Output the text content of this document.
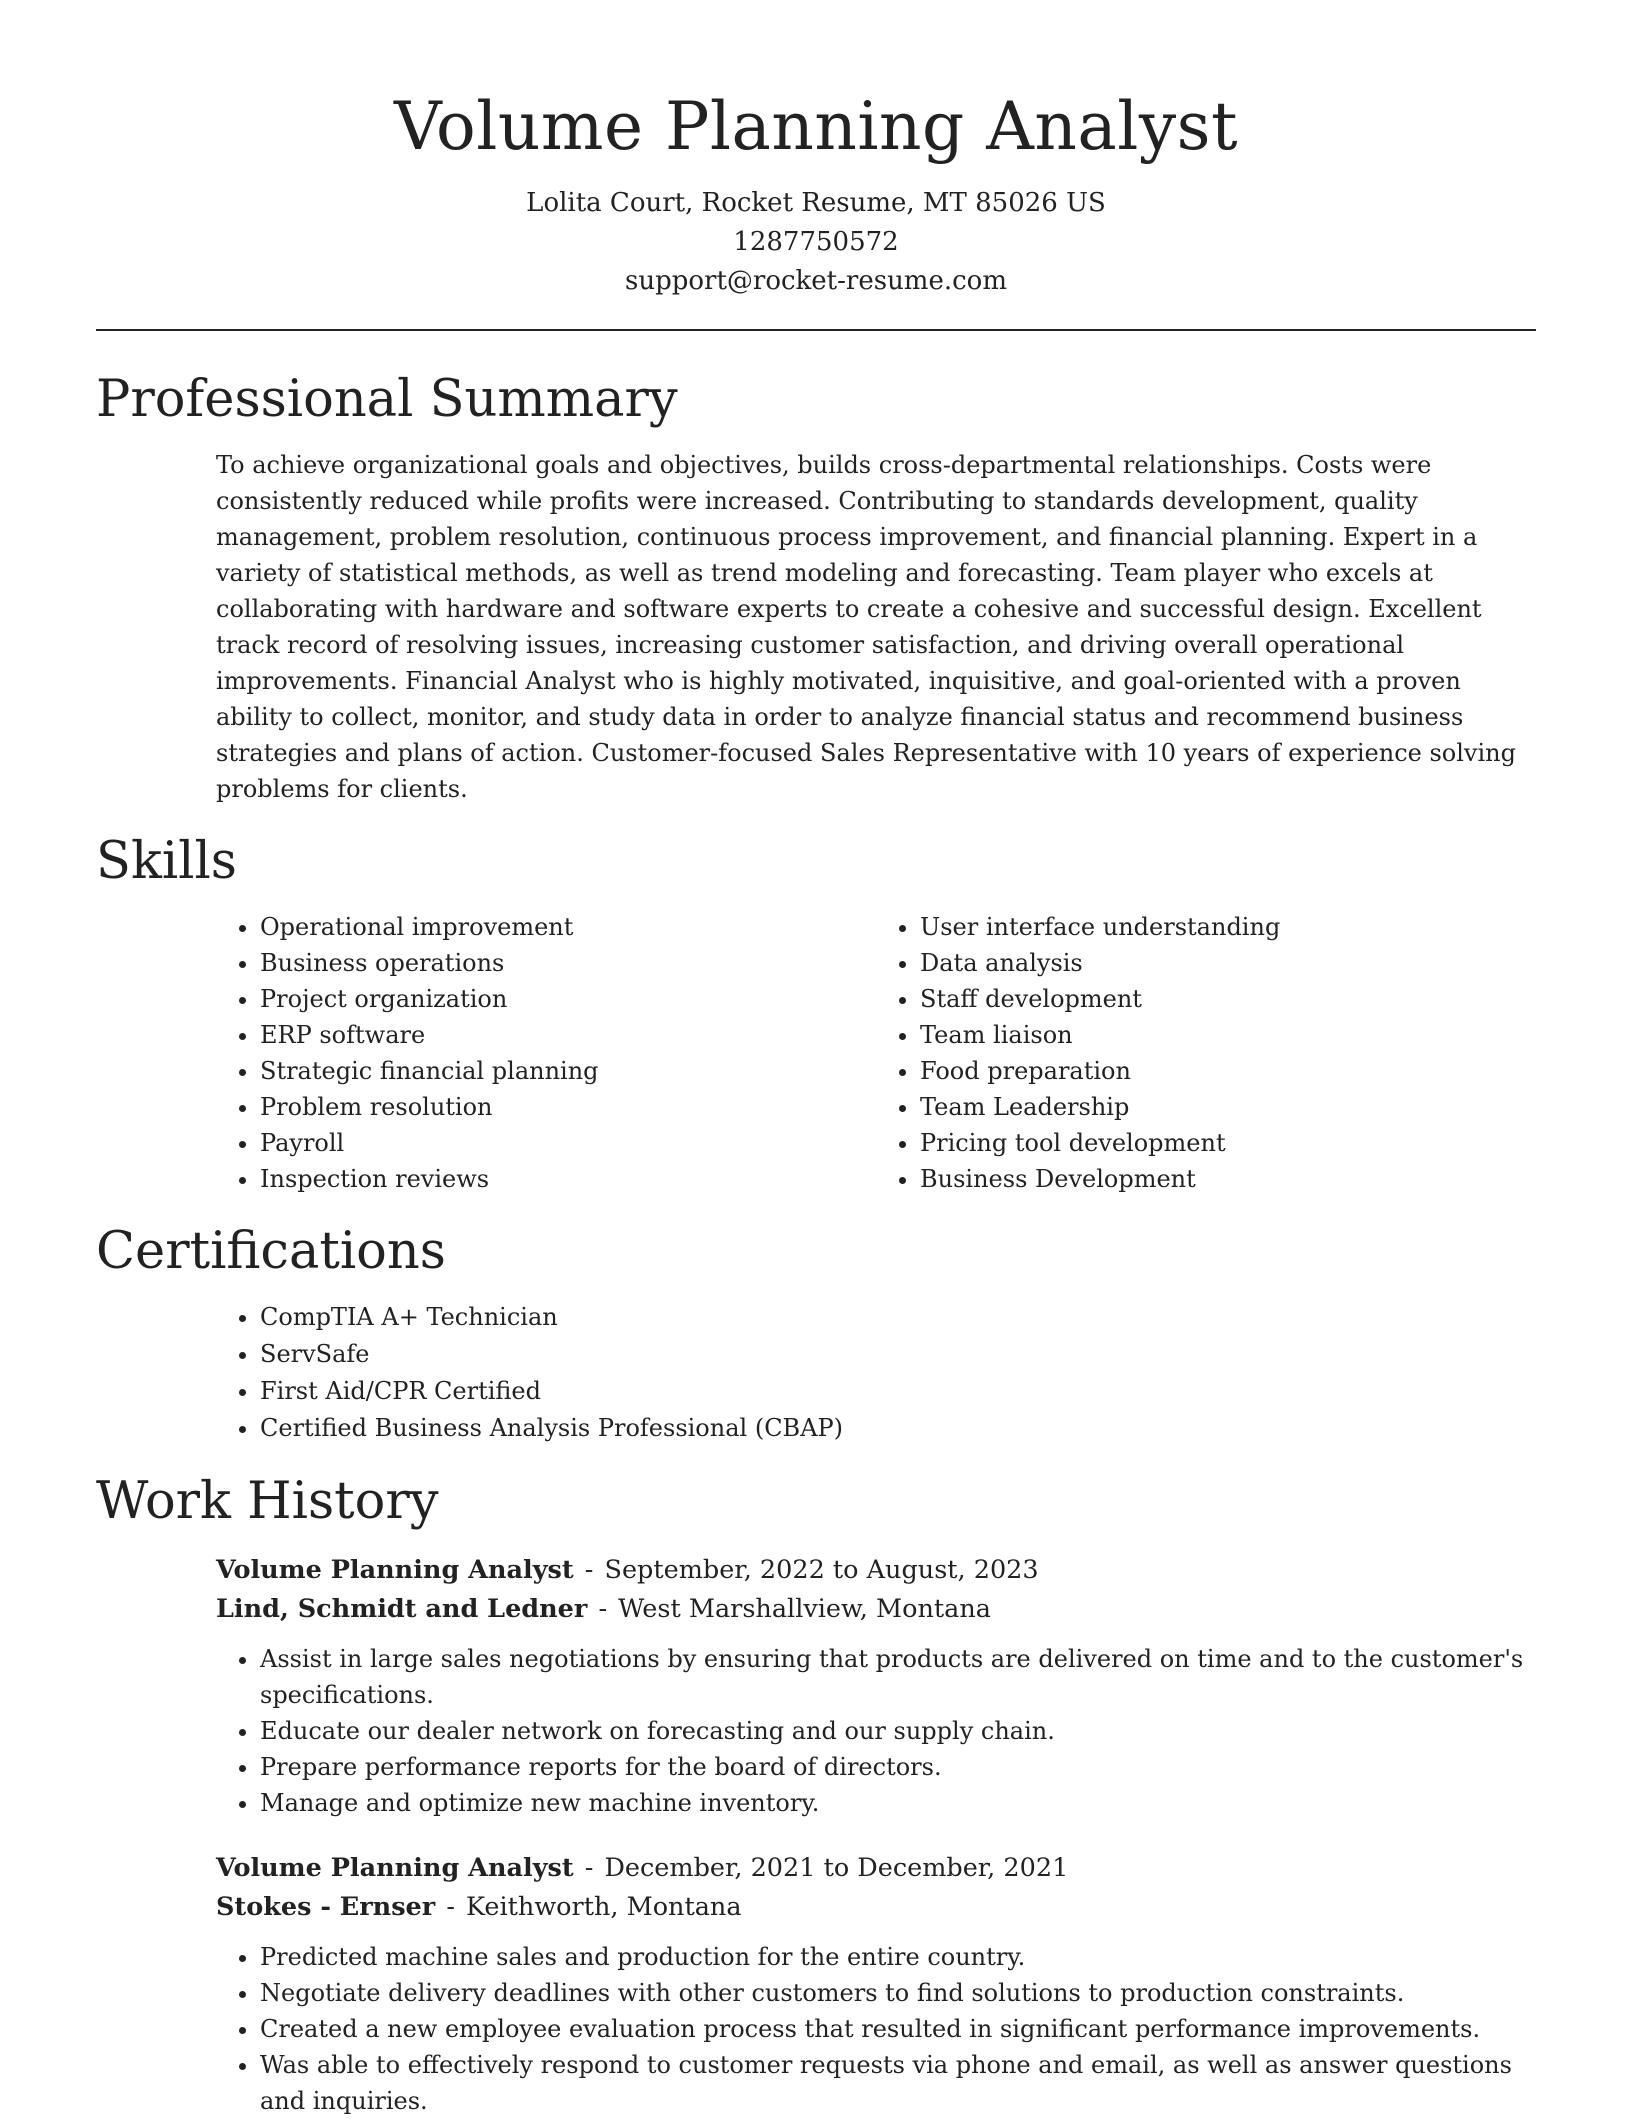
Volume Planning Analyst
Lolita Court, Rocket Resume, MT 85026 US
1287750572
support@rocket-resume.com
Professional Summary
To achieve organizational goals and objectives, builds cross-departmental relationships. Costs were consistently reduced while profits were increased. Contributing to standards development, quality management, problem resolution, continuous process improvement, and financial planning. Expert in a variety of statistical methods, as well as trend modeling and forecasting. Team player who excels at collaborating with hardware and software experts to create a cohesive and successful design. Excellent track record of resolving issues, increasing customer satisfaction, and driving overall operational improvements. Financial Analyst who is highly motivated, inquisitive, and goal-oriented with a proven ability to collect, monitor, and study data in order to analyze financial status and recommend business strategies and plans of action. Customer-focused Sales Representative with 10 years of experience solving problems for clients.
Skills
• Operational improvement
• Business operations
• Project organization
• ERP software
• Strategic financial planning
• Problem resolution
• Payroll
• Inspection reviews
• User interface understanding
• Data analysis
• Staff development
• Team liaison
• Food preparation
• Team Leadership
• Pricing tool development
• Business Development
Certifications
• CompTIA A+ Technician
• ServSafe
• First Aid/CPR Certified
• Certified Business Analysis Professional (CBAP)
Work History
Volume Planning Analyst - September, 2022 to August, 2023
Lind, Schmidt and Ledner - West Marshallview, Montana
• Assist in large sales negotiations by ensuring that products are delivered on time and to the customer's specifications.
• Educate our dealer network on forecasting and our supply chain.
• Prepare performance reports for the board of directors.
• Manage and optimize new machine inventory.
Volume Planning Analyst - December, 2021 to December, 2021
Stokes - Ernser - Keithworth, Montana
• Predicted machine sales and production for the entire country.
• Negotiate delivery deadlines with other customers to find solutions to production constraints.
• Created a new employee evaluation process that resulted in significant performance improvements.
• Was able to effectively respond to customer requests via phone and email, as well as answer questions and inquiries.
